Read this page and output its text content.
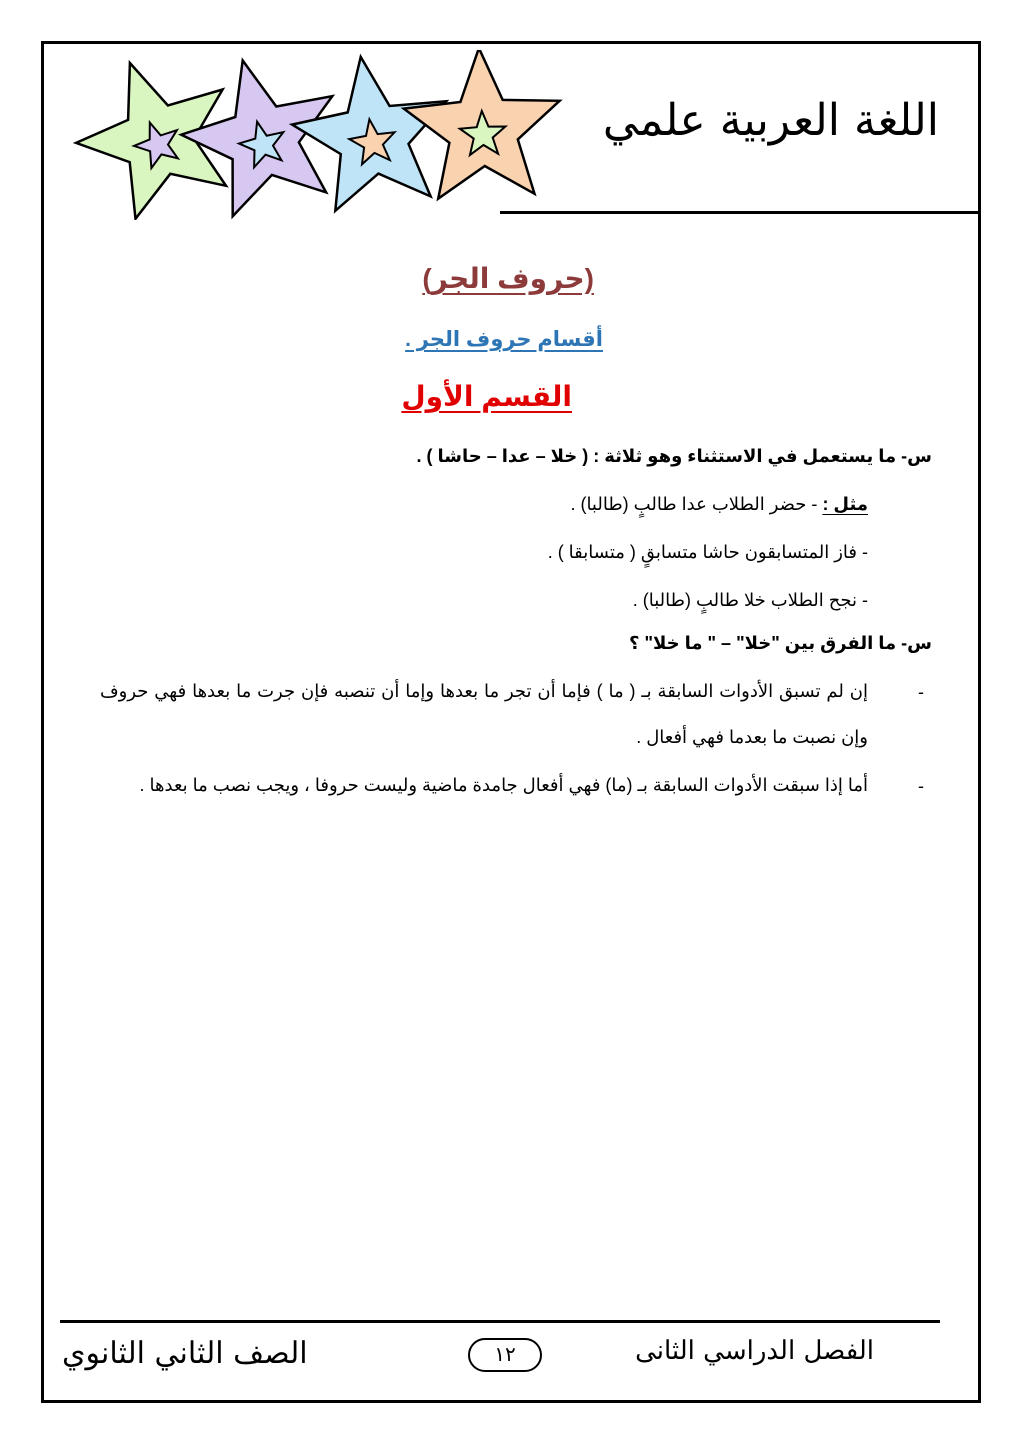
اللغة العربية علمي
(حروف الجر)
أقسام حروف الجر .
القسم الأول
س- ما يستعمل في الاستثناء وهو ثلاثة : ( خلا – عدا – حاشا ) .
مثل : - حضر الطلاب عدا طالبٍ (طالبا) .
- فاز المتسابقون حاشا متسابقٍ ( متسابقا ) .
- نجح الطلاب خلا طالبٍ (طالبا) .
س- ما الفرق بين "خلا" – " ما خلا" ؟
-
إن لم تسبق الأدوات السابقة بـ ( ما ) فإما أن تجر ما بعدها وإما أن تنصبه فإن جرت ما بعدها فهي حروف وإن نصبت ما بعدما فهي أفعال .
-
أما إذا سبقت الأدوات السابقة بـ (ما) فهي أفعال جامدة ماضية وليست حروفا ، ويجب نصب ما بعدها .
الفصل الدراسي الثانى
١٢
الصف الثاني الثانوي
